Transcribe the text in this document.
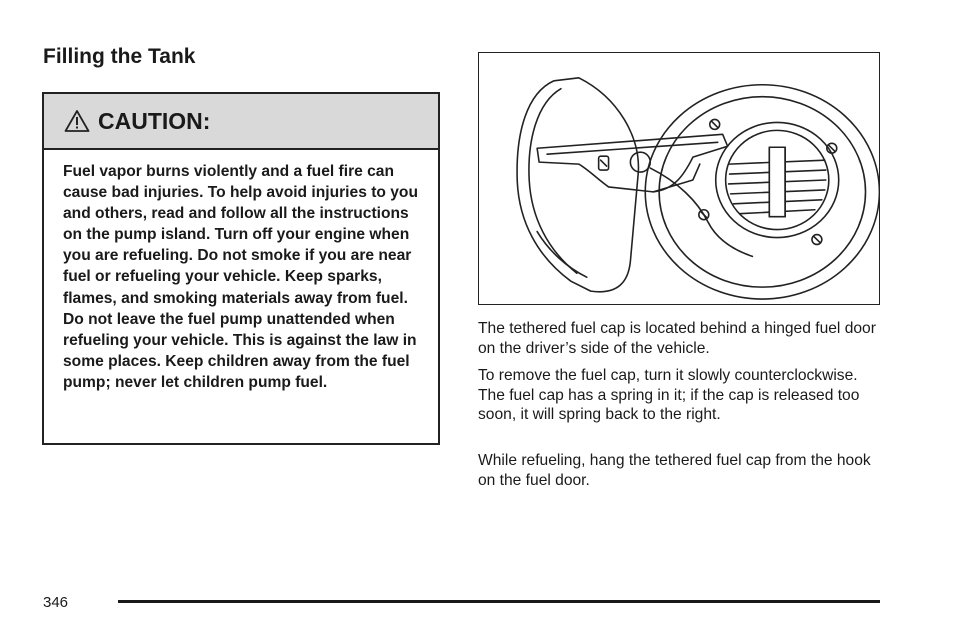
Filling the Tank
CAUTION:

Fuel vapor burns violently and a fuel fire can cause bad injuries. To help avoid injuries to you and others, read and follow all the instructions on the pump island. Turn off your engine when you are refueling. Do not smoke if you are near fuel or refueling your vehicle. Keep sparks, flames, and smoking materials away from fuel. Do not leave the fuel pump unattended when refueling your vehicle. This is against the law in some places. Keep children away from the fuel pump; never let children pump fuel.

The tethered fuel cap is located behind a hinged fuel door on the driver’s side of the vehicle.

To remove the fuel cap, turn it slowly counterclockwise. The fuel cap has a spring in it; if the cap is released too soon, it will spring back to the right.

While refueling, hang the tethered fuel cap from the hook on the fuel door.

346
